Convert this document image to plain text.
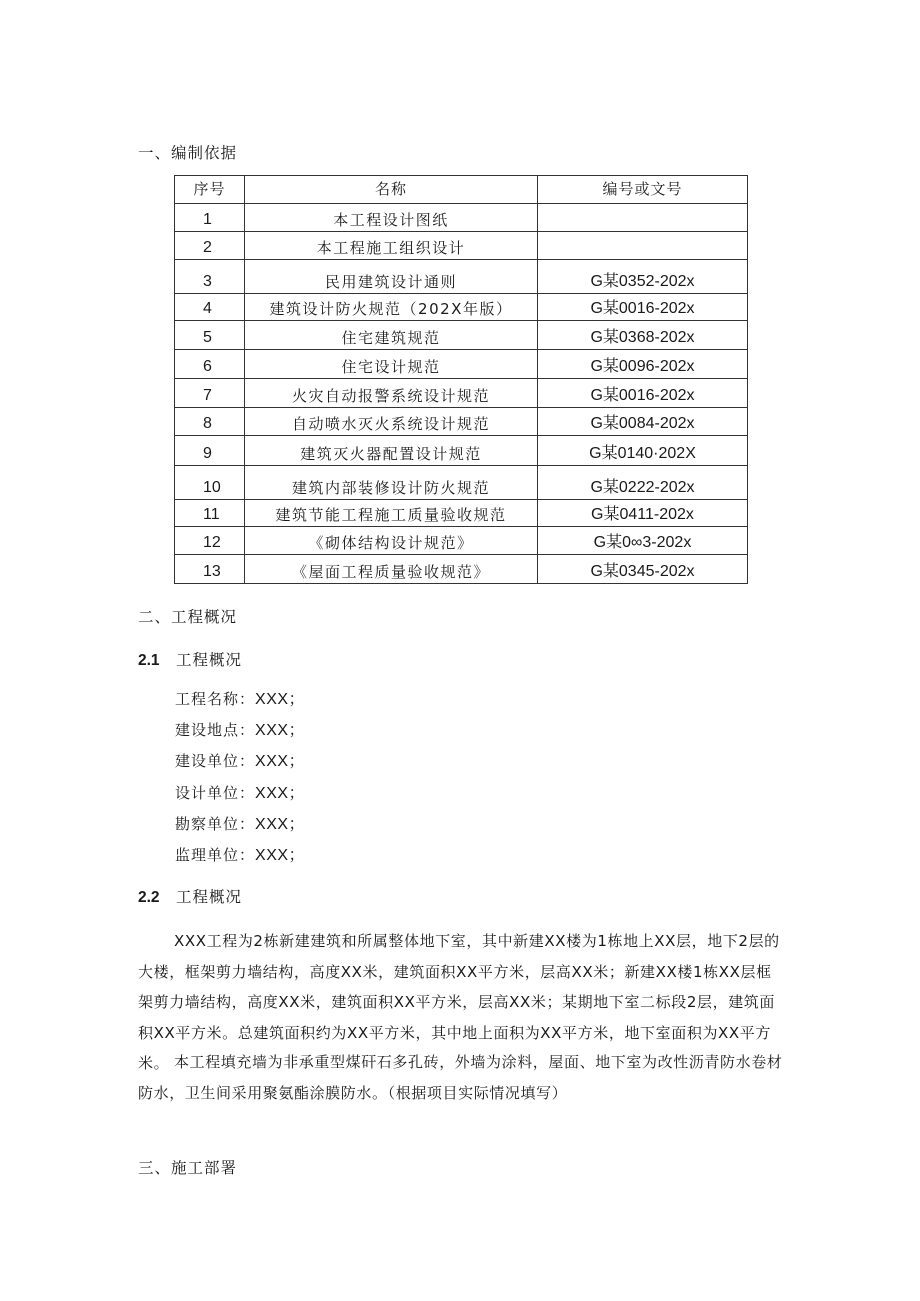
一、编制依据
序号	名称	编号或文号
1	本工程设计图纸	
2	本工程施工组织设计	
3	民用建筑设计通则	G某0352-202x
4	建筑设计防火规范（202X年版）	G某0016-202x
5	住宅建筑规范	G某0368-202x
6	住宅设计规范	G某0096-202x
7	火灾自动报警系统设计规范	G某0016-202x
8	自动喷水灭火系统设计规范	G某0084-202x
9	建筑灭火器配置设计规范	G某0140·202X
10	建筑内部装修设计防火规范	G某0222-202x
11	建筑节能工程施工质量验收规范	G某0411-202x
12	《砌体结构设计规范》	G某0∞3-202x
13	《屋面工程质量验收规范》	G某0345-202x
二、工程概况
2.1 工程概况
工程名称：XXX；
建设地点：XXX；
建设单位：XXX；
设计单位：XXX；
勘察单位：XXX；
监理单位：XXX；
2.2 工程概况

XXX工程为2栋新建建筑和所属整体地下室，其中新建XX楼为1栋地上XX层，地下2层的大楼，框架剪力墙结构，高度XX米，建筑面积XX平方米，层高XX米；新建XX楼1栋XX层框架剪力墙结构，高度XX米，建筑面积XX平方米，层高XX米；某期地下室二标段2层，建筑面积XX平方米。总建筑面积约为XX平方米，其中地上面积为XX平方米，地下室面积为XX平方米。 本工程填充墙为非承重型煤矸石多孔砖，外墙为涂料，屋面、地下室为改性沥青防水卷材防水，卫生间采用聚氨酯涂膜防水。（根据项目实际情况填写）

三、施工部署
